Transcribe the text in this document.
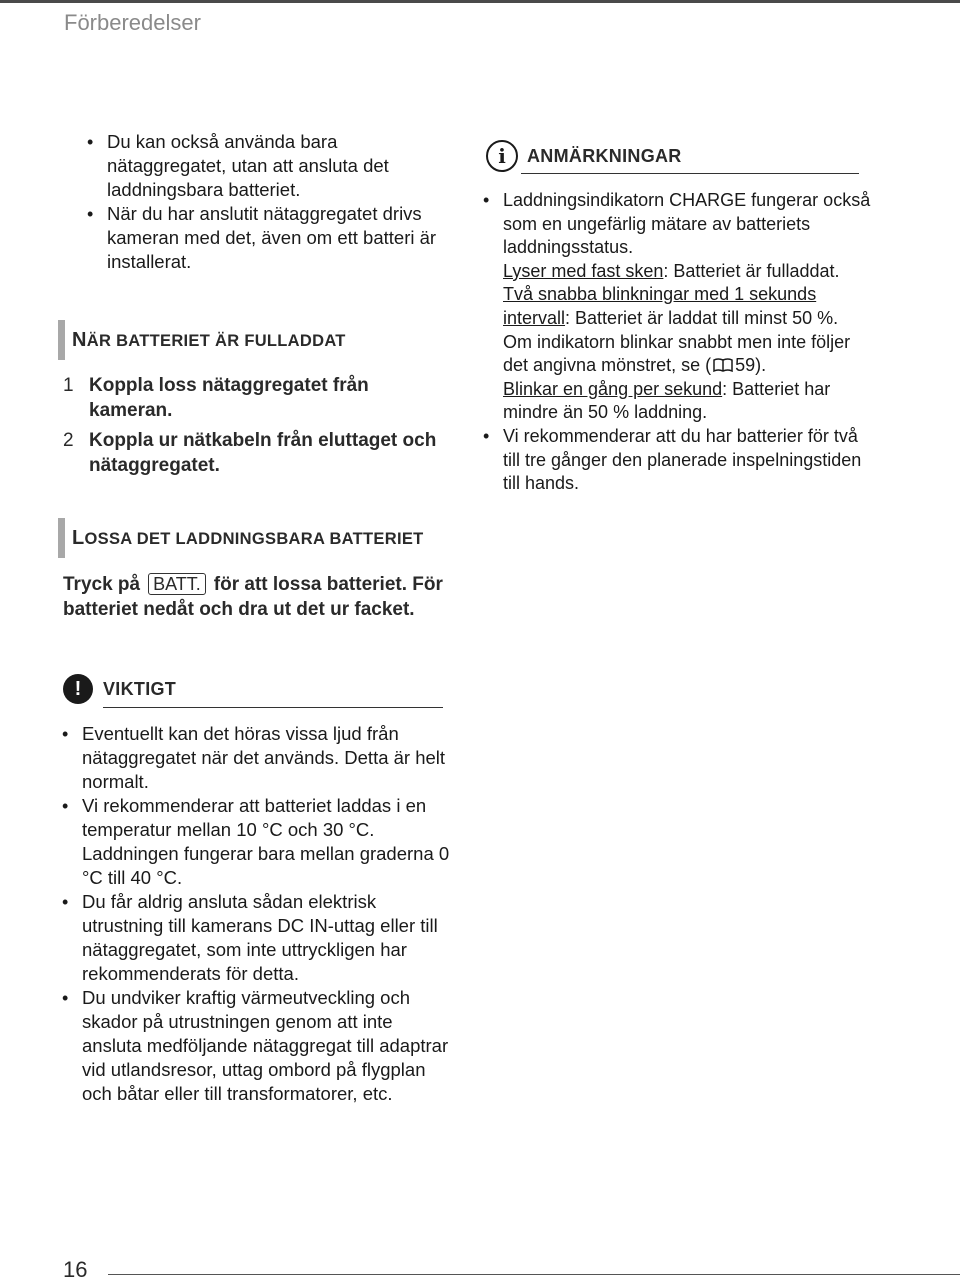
Förberedelser
• Du kan också använda bara nätaggregatet, utan att ansluta det laddningsbara batteriet.
• När du har anslutit nätaggregatet drivs kameran med det, även om ett batteri är installerat.
NÄR BATTERIET ÄR FULLADDAT
1 Koppla loss nätaggregatet från kameran.
2 Koppla ur nätkabeln från eluttaget och nätaggregatet.
LOSSA DET LADDNINGSBARA BATTERIET
Tryck på BATT. för att lossa batteriet. För batteriet nedåt och dra ut det ur facket.
!	VIKTIGT
• Eventuellt kan det höras vissa ljud från nätaggregatet när det används. Detta är helt normalt.
• Vi rekommenderar att batteriet laddas i en temperatur mellan 10 °C och 30 °C. Laddningen fungerar bara mellan graderna 0 °C till 40 °C.
• Du får aldrig ansluta sådan elektrisk utrustning till kamerans DC IN-uttag eller till nätaggregatet, som inte uttryckligen har rekommenderats för detta.
• Du undviker kraftig värmeutveckling och skador på utrustningen genom att inte ansluta medföljande nätaggregat till adaptrar vid utlandsresor, uttag ombord på flygplan och båtar eller till transformatorer, etc.
i	ANMÄRKNINGAR
• Laddningsindikatorn CHARGE fungerar också som en ungefärlig mätare av batteriets laddningsstatus.
Lyser med fast sken: Batteriet är fulladdat.
Två snabba blinkningar med 1 sekunds intervall: Batteriet är laddat till minst 50 %. Om indikatorn blinkar snabbt men inte följer det angivna mönstret, se ( 59).
Blinkar en gång per sekund: Batteriet har mindre än 50 % laddning.
• Vi rekommenderar att du har batterier för två till tre gånger den planerade inspelningstiden till hands.
16
